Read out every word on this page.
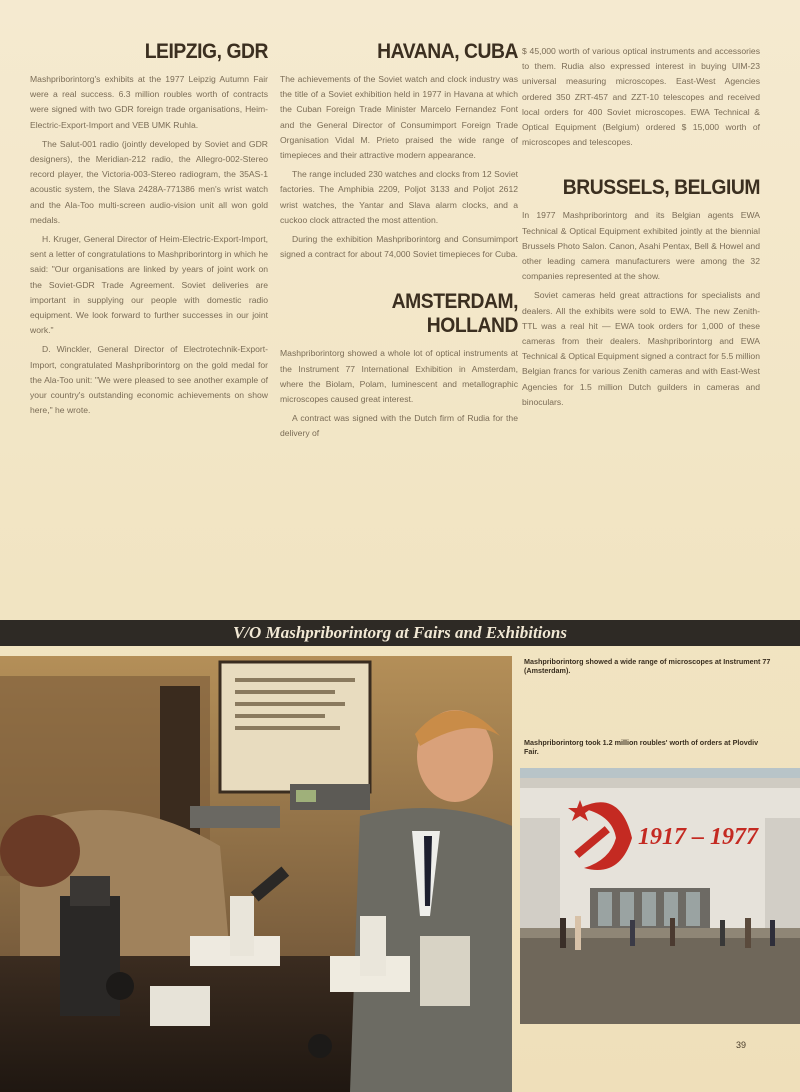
LEIPZIG, GDR

Mashpriborintorg's exhibits at the 1977 Leipzig Autumn Fair were a real success. 6.3 million roubles worth of contracts were signed with two GDR foreign trade organisations, Heim-Electric-Export-Import and VEB UMK Ruhla.

The Salut-001 radio (jointly developed by Soviet and GDR designers), the Meridian-212 radio, the Allegro-002-Stereo record player, the Victoria-003-Stereo radiogram, the 35AS-1 acoustic system, the Slava 2428A-771386 men's wrist watch and the Ala-Too multi-screen audio-vision unit all won gold medals.

H. Kruger, General Director of Heim-Electric-Export-Import, sent a letter of congratulations to Mashpriborintorg in which he said: "Our organisations are linked by years of joint work on the Soviet-GDR Trade Agreement. Soviet deliveries are important in supplying our people with domestic radio equipment. We look forward to further successes in our joint work."

D. Winckler, General Director of Electrotechnik-Export-Import, congratulated Mashpriborintorg on the gold medal for the Ala-Too unit: "We were pleased to see another example of your country's outstanding economic achievements on show here," he wrote.

HAVANA, CUBA

The achievements of the Soviet watch and clock industry was the title of a Soviet exhibition held in 1977 in Havana at which the Cuban Foreign Trade Minister Marcelo Fernandez Font and the General Director of Consumimport Foreign Trade Organisation Vidal M. Prieto praised the wide range of timepieces and their attractive modern appearance.

The range included 230 watches and clocks from 12 Soviet factories. The Amphibia 2209, Poljot 3133 and Poljot 2612 wrist watches, the Yantar and Slava alarm clocks, and a cuckoo clock attracted the most attention.

During the exhibition Mashpriborintorg and Consumimport signed a contract for about 74,000 Soviet timepieces for Cuba.

AMSTERDAM, HOLLAND

Mashpriborintorg showed a whole lot of optical instruments at the Instrument 77 International Exhibition in Amsterdam, where the Biolam, Polam, luminescent and metallographic microscopes caused great interest.

A contract was signed with the Dutch firm of Rudia for the delivery of

$ 45,000 worth of various optical instruments and accessories to them. Rudia also expressed interest in buying UIM-23 universal measuring microscopes. East-West Agencies ordered 350 ZRT-457 and ZZT-10 telescopes and received local orders for 400 Soviet microscopes. EWA Technical & Optical Equipment (Belgium) ordered $ 15,000 worth of microscopes and telescopes.

BRUSSELS, BELGIUM

In 1977 Mashpriborintorg and its Belgian agents EWA Technical & Optical Equipment exhibited jointly at the biennial Brussels Photo Salon. Canon, Asahi Pentax, Bell & Howel and other leading camera manufacturers were among the 32 companies represented at the show.

Soviet cameras held great attractions for specialists and dealers. All the exhibits were sold to EWA. The new Zenith-TTL was a real hit — EWA took orders for 1,000 of these cameras from their dealers. Mashpriborintorg and EWA Technical & Optical Equipment signed a contract for 5.5 million Belgian francs for various Zenith cameras and with East-West Agencies for 1.5 million Dutch guilders in cameras and binoculars.

V/O Mashpriborintorg at Fairs and Exhibitions
Mashpriborintorg showed a wide range of microscopes at Instrument 77 (Amsterdam).
Mashpriborintorg took 1.2 million roubles' worth of orders at Plovdiv Fair.
1917 – 1977
39
